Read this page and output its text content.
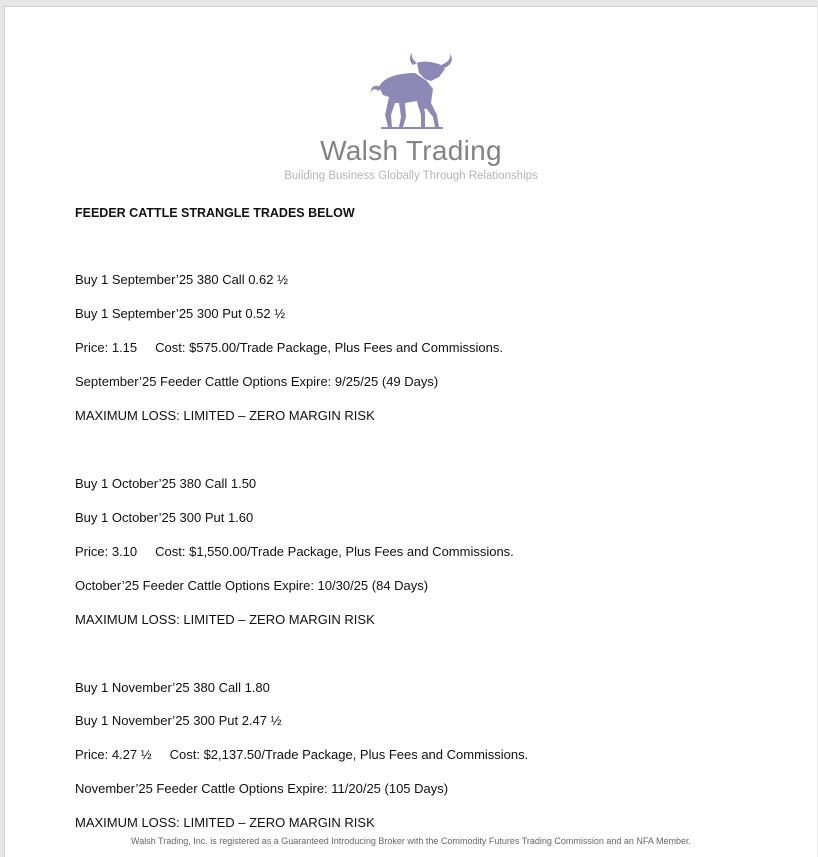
Walsh Trading
Building Business Globally Through Relationships
FEEDER CATTLE STRANGLE TRADES BELOW
Buy 1 September’25 380 Call 0.62 ½
Buy 1 September’25 300 Put 0.52 ½
Price: 1.15 Cost: $575.00/Trade Package, Plus Fees and Commissions.
September’25 Feeder Cattle Options Expire: 9/25/25 (49 Days)
MAXIMUM LOSS: LIMITED – ZERO MARGIN RISK
Buy 1 October’25 380 Call 1.50
Buy 1 October’25 300 Put 1.60
Price: 3.10 Cost: $1,550.00/Trade Package, Plus Fees and Commissions.
October’25 Feeder Cattle Options Expire: 10/30/25 (84 Days)
MAXIMUM LOSS: LIMITED – ZERO MARGIN RISK
Buy 1 November’25 380 Call 1.80
Buy 1 November’25 300 Put 2.47 ½
Price: 4.27 ½ Cost: $2,137.50/Trade Package, Plus Fees and Commissions.
November’25 Feeder Cattle Options Expire: 11/20/25 (105 Days)
MAXIMUM LOSS: LIMITED – ZERO MARGIN RISK
Walsh Trading, Inc. is registered as a Guaranteed Introducing Broker with the Commodity Futures Trading Commission and an NFA Member.
